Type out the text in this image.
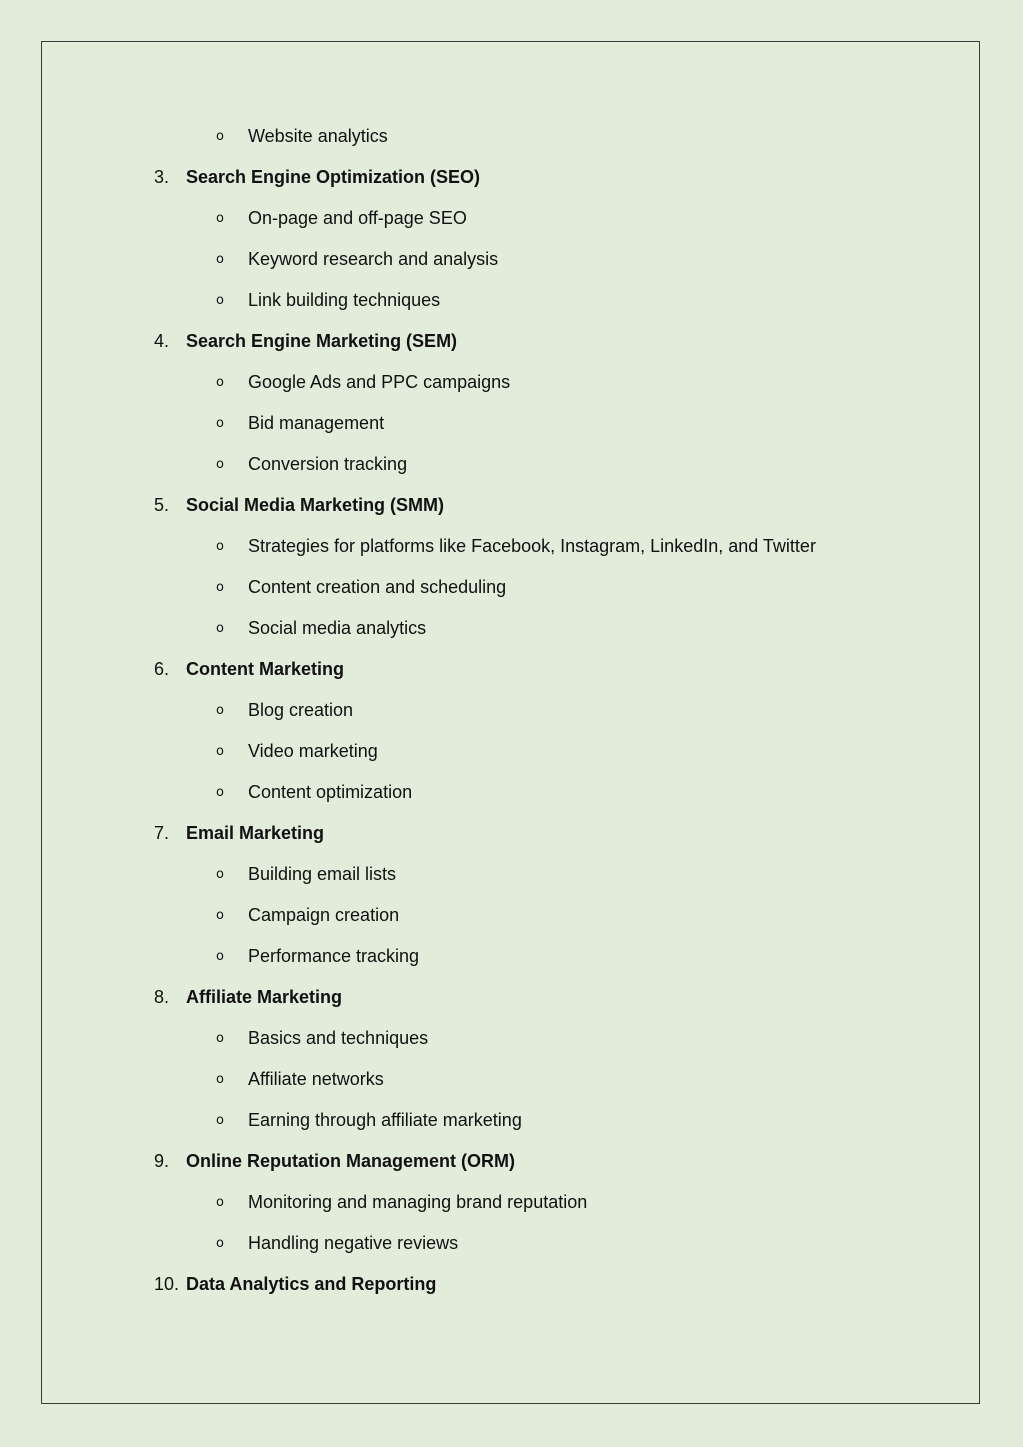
o Website analytics
3. Search Engine Optimization (SEO)
o On-page and off-page SEO
o Keyword research and analysis
o Link building techniques
4. Search Engine Marketing (SEM)
o Google Ads and PPC campaigns
o Bid management
o Conversion tracking
5. Social Media Marketing (SMM)
o Strategies for platforms like Facebook, Instagram, LinkedIn, and Twitter
o Content creation and scheduling
o Social media analytics
6. Content Marketing
o Blog creation
o Video marketing
o Content optimization
7. Email Marketing
o Building email lists
o Campaign creation
o Performance tracking
8. Affiliate Marketing
o Basics and techniques
o Affiliate networks
o Earning through affiliate marketing
9. Online Reputation Management (ORM)
o Monitoring and managing brand reputation
o Handling negative reviews
10. Data Analytics and Reporting
